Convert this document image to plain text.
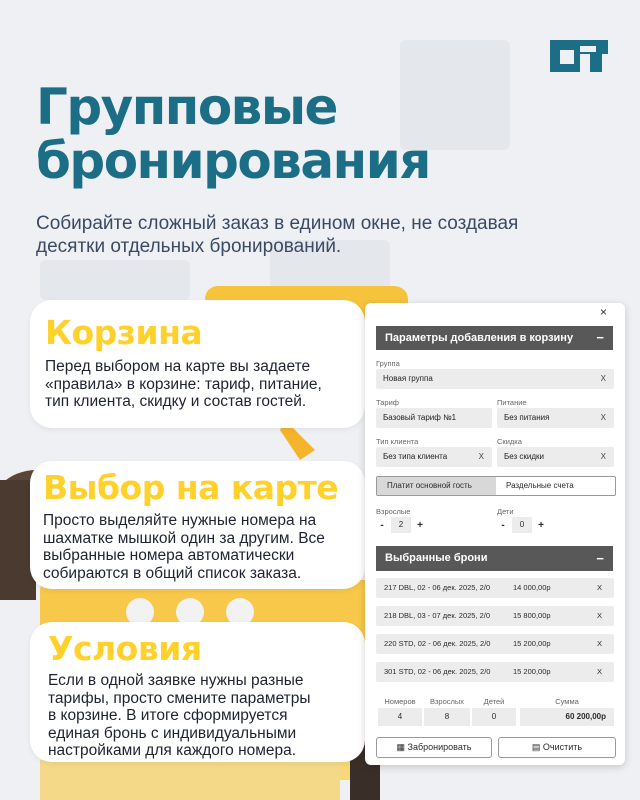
Групповые
бронирования
Собирайте сложный заказ в едином окне, не создавая
десятки отдельных бронирований.
Корзина

Перед выбором на карте вы задаете
«правила» в корзине: тариф, питание,
тип клиента, скидку и состав гостей.

Выбор на карте

Просто выделяйте нужные номера на
шахматке мышкой один за другим. Все
выбранные номера автоматически
собираются в общий список заказа.

Условия

Если в одной заявке нужны разные
тарифы, просто смените параметры
в корзине. В итоге сформируется
единая бронь с индивидуальными
настройками для каждого номера.

×
Параметры добавления в корзину −
Группа
Новая группа	X
Тариф
Базовый тариф №1
Питание
Без питания	X
Тип клиента
Без типа клиента	X
Скидка
Без скидки	X
Платит основной гость	Раздельные счета
Взрослые
-	2	+
Дети
-	0	+
Выбранные брони	−
217 DBL, 02 - 06 дек. 2025, 2/0	14 000,00р	X
218 DBL, 03 - 07 дек. 2025, 2/0	15 800,00р	X
220 STD, 02 - 06 дек. 2025, 2/0	15 200,00р	X
301 STD, 02 - 06 дек. 2025, 2/0	15 200,00р	X
Номеров	Взрослых	Детей	Сумма
4	8	0	60 200,00р
▦ Забронировать	▤ Очистить
